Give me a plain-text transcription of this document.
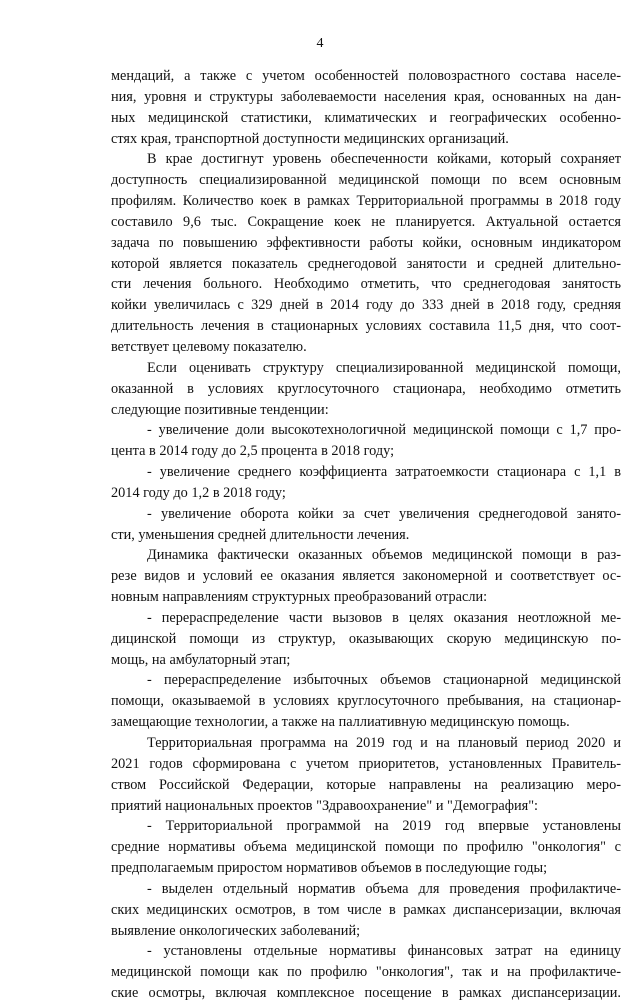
4
мендаций, а также с учетом особенностей половозрастного состава населе-
ния, уровня и структуры заболеваемости населения края, основанных на дан-
ных медицинской статистики, климатических и географических особенно-
стях края, транспортной доступности медицинских организаций.
В крае достигнут уровень обеспеченности койками, который сохраняет
доступность специализированной медицинской помощи по всем основным
профилям. Количество коек в рамках Территориальной программы в 2018 году
составило 9,6 тыс. Сокращение коек не планируется. Актуальной остается
задача по повышению эффективности работы койки, основным индикатором
которой является показатель среднегодовой занятости и средней длительно-
сти лечения больного. Необходимо отметить, что среднегодовая занятость
койки увеличилась с 329 дней в 2014 году до 333 дней в 2018 году, средняя
длительность лечения в стационарных условиях составила 11,5 дня, что соот-
ветствует целевому показателю.
Если оценивать структуру специализированной медицинской помощи,
оказанной в условиях круглосуточного стационара, необходимо отметить
следующие позитивные тенденции:
- увеличение доли высокотехнологичной медицинской помощи с 1,7 про-
цента в 2014 году до 2,5 процента в 2018 году;
- увеличение среднего коэффициента затратоемкости стационара с 1,1 в
2014 году до 1,2 в 2018 году;
- увеличение оборота койки за счет увеличения среднегодовой занято-
сти, уменьшения средней длительности лечения.
Динамика фактически оказанных объемов медицинской помощи в раз-
резе видов и условий ее оказания является закономерной и соответствует ос-
новным направлениям структурных преобразований отрасли:
- перераспределение части вызовов в целях оказания неотложной ме-
дицинской помощи из структур, оказывающих скорую медицинскую по-
мощь, на амбулаторный этап;
- перераспределение избыточных объемов стационарной медицинской
помощи, оказываемой в условиях круглосуточного пребывания, на стационар-
замещающие технологии, а также на паллиативную медицинскую помощь.
Территориальная программа на 2019 год и на плановый период 2020 и
2021 годов сформирована с учетом приоритетов, установленных Правитель-
ством Российской Федерации, которые направлены на реализацию меро-
приятий национальных проектов "Здравоохранение" и "Демография":
- Территориальной программой на 2019 год впервые установлены
средние нормативы объема медицинской помощи по профилю "онкология" с
предполагаемым приростом нормативов объемов в последующие годы;
- выделен отдельный норматив объема для проведения профилактиче-
ских медицинских осмотров, в том числе в рамках диспансеризации, включая
выявление онкологических заболеваний;
- установлены отдельные нормативы финансовых затрат на единицу
медицинской помощи как по профилю "онкология", так и на профилактиче-
ские осмотры, включая комплексное посещение в рамках диспансеризации.
